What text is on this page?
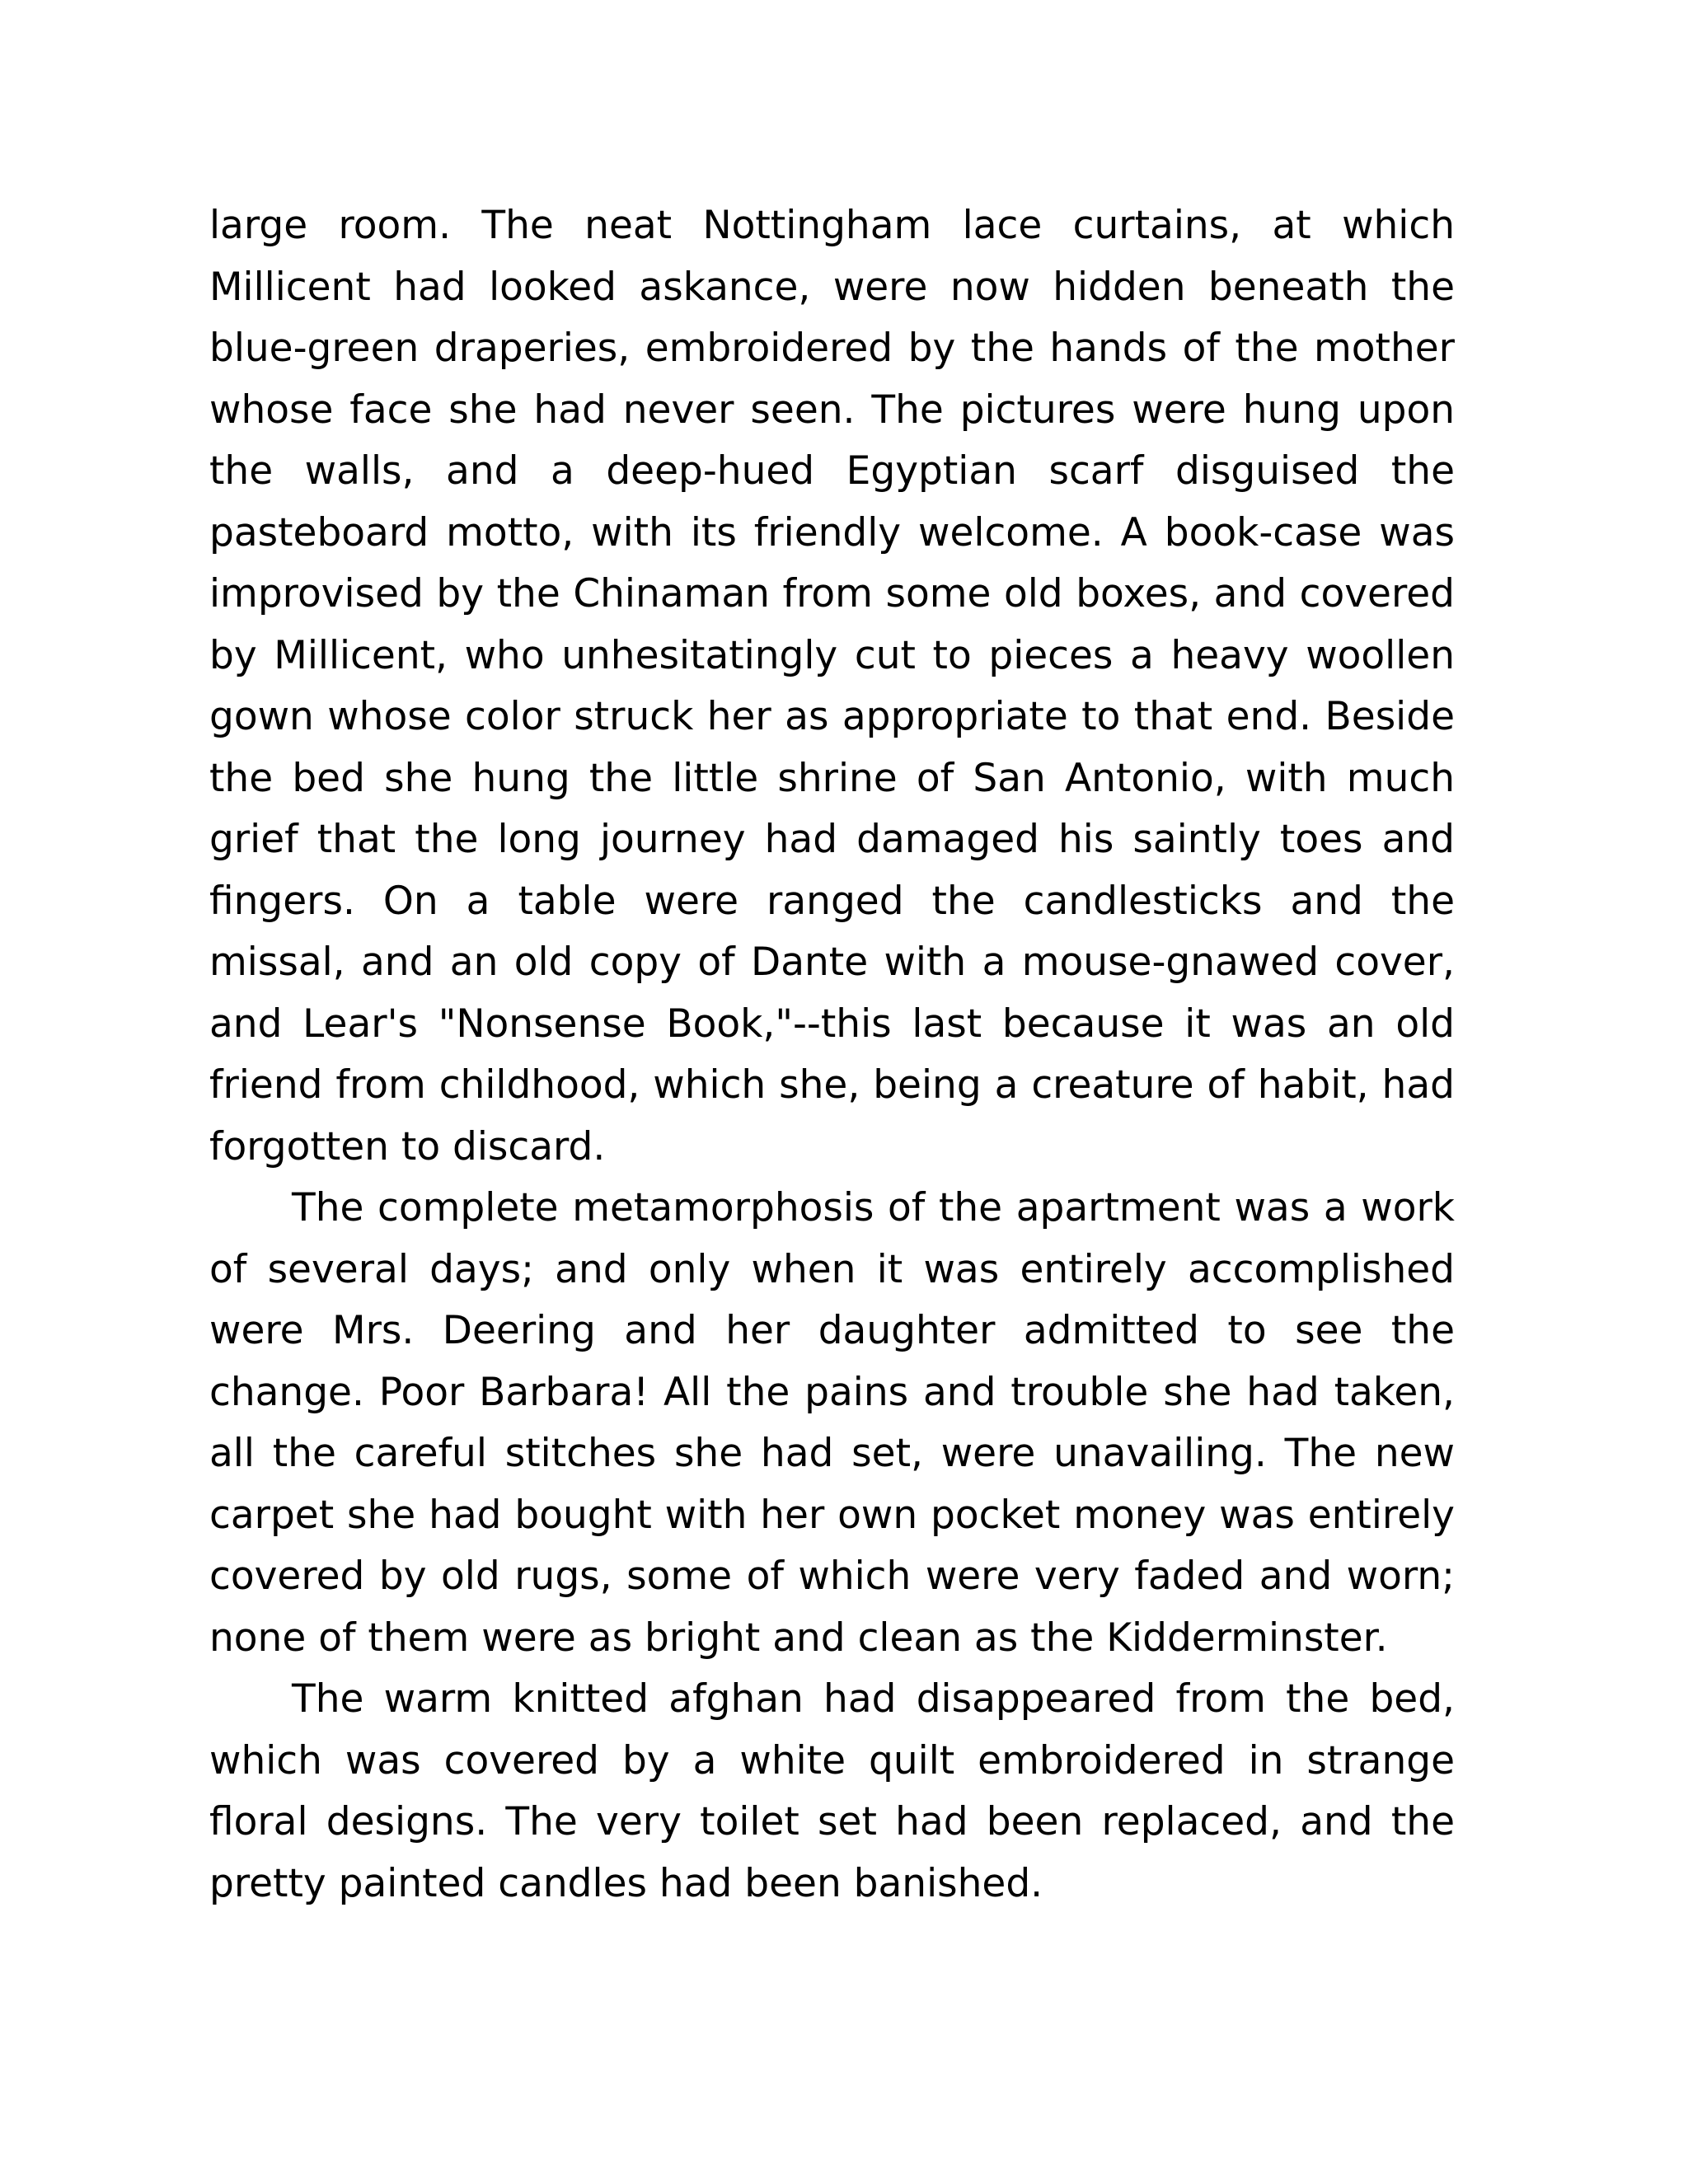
large room. The neat Nottingham lace curtains, at which Millicent had looked askance, were now hidden beneath the blue-green draperies, embroidered by the hands of the mother whose face she had never seen. The pictures were hung upon the walls, and a deep-hued Egyptian scarf disguised the pasteboard motto, with its friendly welcome. A book-case was improvised by the Chinaman from some old boxes, and covered by Millicent, who unhesitatingly cut to pieces a heavy woollen gown whose color struck her as appropriate to that end. Beside the bed she hung the little shrine of San Antonio, with much grief that the long journey had damaged his saintly toes and fingers. On a table were ranged the candlesticks and the missal, and an old copy of Dante with a mouse-gnawed cover, and Lear's "Nonsense Book,"--this last because it was an old friend from childhood, which she, being a creature of habit, had forgotten to discard.

The complete metamorphosis of the apartment was a work of several days; and only when it was entirely accomplished were Mrs. Deering and her daughter admitted to see the change. Poor Barbara! All the pains and trouble she had taken, all the careful stitches she had set, were unavailing. The new carpet she had bought with her own pocket money was entirely covered by old rugs, some of which were very faded and worn; none of them were as bright and clean as the Kidderminster.

The warm knitted afghan had disappeared from the bed, which was covered by a white quilt embroidered in strange floral designs. The very toilet set had been replaced, and the pretty painted candles had been banished.
